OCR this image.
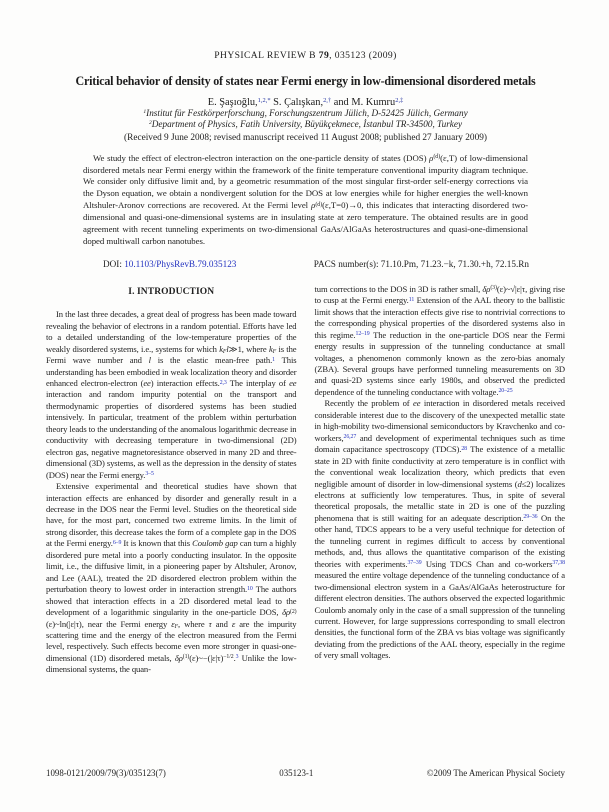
PHYSICAL REVIEW B 79, 035123 (2009)
Critical behavior of density of states near Fermi energy in low-dimensional disordered metals
E. Şaşıoğlu,$^{1,2,*}$ S. Çalışkan,$^{2,\dagger}$ and M. Kumru$^{2,\ddagger}$
$^1$Institut für Festkörperforschung, Forschungszentrum Jülich, D-52425 Jülich, Germany
$^2$Department of Physics, Fatih University, Büyükçekmece, İstanbul TR-34500, Turkey
(Received 9 June 2008; revised manuscript received 11 August 2008; published 27 January 2009)
We study the effect of electron-electron interaction on the one-particle density of states (DOS) $\rho^{(d)}(\varepsilon,T)$ of low-dimensional disordered metals near Fermi energy within the framework of the finite temperature conventional impurity diagram technique. We consider only diffusive limit and, by a geometric resummation of the most singular first-order self-energy corrections via the Dyson equation, we obtain a nondivergent solution for the DOS at low energies while for higher energies the well-known Altshuler-Aronov corrections are recovered. At the Fermi level $\rho^{(d)}(\varepsilon,T=0)\to 0$, this indicates that interacting disordered two-dimensional and quasi-one-dimensional systems are in insulating state at zero temperature. The obtained results are in good agreement with recent tunneling experiments on two-dimensional GaAs/AlGaAs heterostructures and quasi-one-dimensional doped multiwall carbon nanotubes.
DOI: 10.1103/PhysRevB.79.035123	PACS number(s): 71.10.Pm, 71.23.−k, 71.30.+h, 72.15.Rn
I. INTRODUCTION

In the last three decades, a great deal of progress has been made toward revealing the behavior of electrons in a random potential. Efforts have led to a detailed understanding of the low-temperature properties of the weakly disordered systems, i.e., systems for which kFl≫1, where kF is the Fermi wave number and l is the elastic mean-free path.$^1$ This understanding has been embodied in weak localization theory and disorder enhanced electron-electron (ee) interaction effects.$^{2,3}$ The interplay of ee interaction and random impurity potential on the transport and thermodynamic properties of disordered systems has been studied intensively. In particular, treatment of the problem within perturbation theory leads to the understanding of the anomalous logarithmic decrease in conductivity with decreasing temperature in two-dimensional (2D) electron gas, negative magnetoresistance observed in many 2D and three-dimensional (3D) systems, as well as the depression in the density of states (DOS) near the Fermi energy.$^{3-5}$

Extensive experimental and theoretical studies have shown that interaction effects are enhanced by disorder and generally result in a decrease in the DOS near the Fermi level. Studies on the theoretical side have, for the most part, concerned two extreme limits. In the limit of strong disorder, this decrease takes the form of a complete gap in the DOS at the Fermi energy.$^{6-9}$ It is known that this Coulomb gap can turn a highly disordered pure metal into a poorly conducting insulator. In the opposite limit, i.e., the diffusive limit, in a pioneering paper by Altshuler, Aronov, and Lee (AAL), treated the 2D disordered electron problem within the perturbation theory to lowest order in interaction strength.$^{10}$ The authors showed that interaction effects in a 2D disordered metal lead to the development of a logarithmic singularity in the one-particle DOS, $\delta\rho^{(2)}(\varepsilon)\sim\ln(|\varepsilon|\tau)$, near the Fermi energy εF, where τ and ε are the impurity scattering time and the energy of the electron measured from the Fermi level, respectively. Such effects become even more stronger in quasi-one-dimensional (1D) disordered metals, $\delta\rho^{(1)}(\varepsilon)\sim-(|\varepsilon|\tau)^{-1/2}.^3$ Unlike the low-dimensional systems, the quan-

tum corrections to the DOS in 3D is rather small, $\delta\rho^{(3)}(\varepsilon)\sim√|\varepsilon|\tau$, giving rise to cusp at the Fermi energy.$^{11}$ Extension of the AAL theory to the ballistic limit shows that the interaction effects give rise to nontrivial corrections to the corresponding physical properties of the disordered systems also in this regime.$^{12-19}$ The reduction in the one-particle DOS near the Fermi energy results in suppression of the tunneling conductance at small voltages, a phenomenon commonly known as the zero-bias anomaly (ZBA). Several groups have performed tunneling measurements on 3D and quasi-2D systems since early 1980s, and observed the predicted dependence of the tunneling conductance with voltage.$^{20-25}$

Recently the problem of ee interaction in disordered metals received considerable interest due to the discovery of the unexpected metallic state in high-mobility two-dimensional semiconductors by Kravchenko and co-workers,$^{26,27}$ and development of experimental techniques such as time domain capacitance spectroscopy (TDCS).$^{28}$ The existence of a metallic state in 2D with finite conductivity at zero temperature is in conflict with the conventional weak localization theory, which predicts that even negligible amount of disorder in low-dimensional systems (d≤2) localizes electrons at sufficiently low temperatures. Thus, in spite of several theoretical proposals, the metallic state in 2D is one of the puzzling phenomena that is still waiting for an adequate description.$^{29-36}$ On the other hand, TDCS appears to be a very useful technique for detection of the tunneling current in regimes difficult to access by conventional methods, and, thus allows the quantitative comparison of the existing theories with experiments.$^{37-39}$ Using TDCS Chan and co-workers$^{37,38}$ measured the entire voltage dependence of the tunneling conductance of a two-dimensional electron system in a GaAs/AlGaAs heterostructure for different electron densities. The authors observed the expected logarithmic Coulomb anomaly only in the case of a small suppression of the tunneling current. However, for large suppressions corresponding to small electron densities, the functional form of the ZBA vs bias voltage was significantly deviating from the predictions of the AAL theory, especially in the regime of very small voltages.

1098-0121/2009/79(3)/035123(7)	035123-1	©2009 The American Physical Society
